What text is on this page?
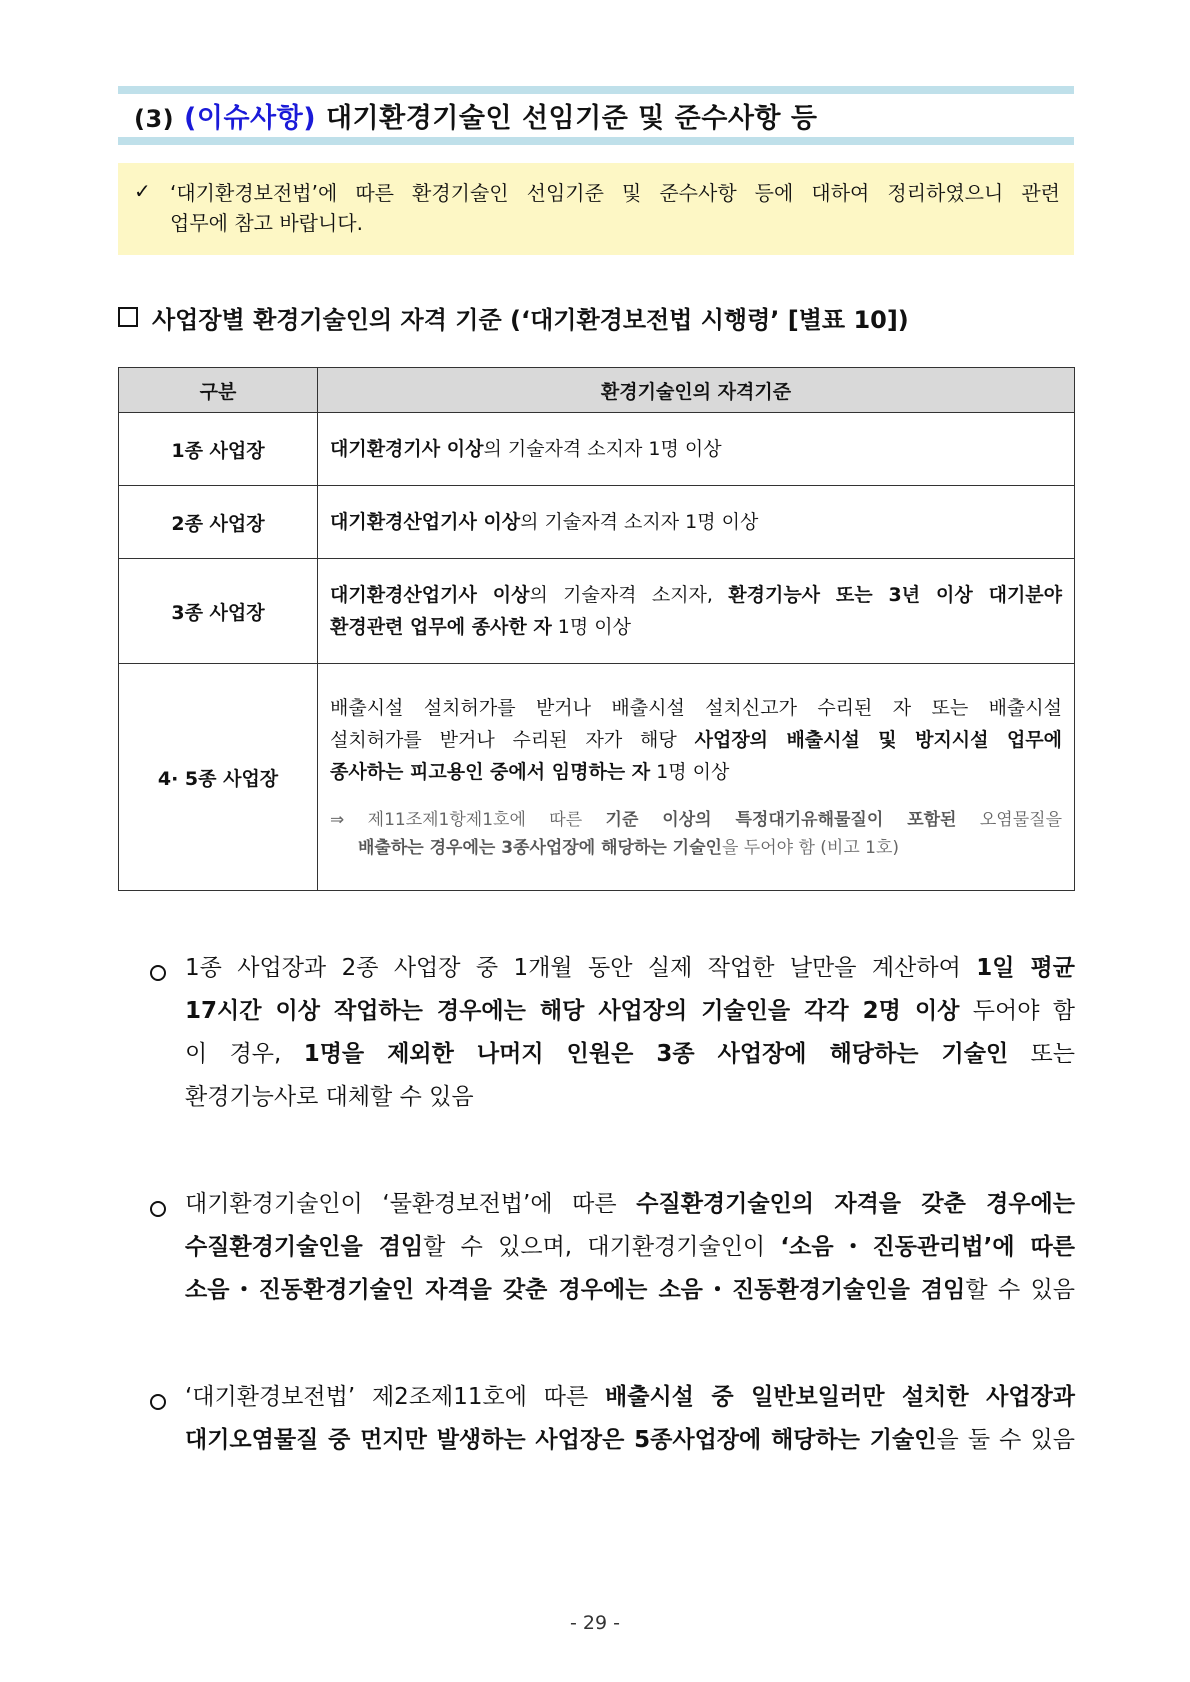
(3) (이슈사항) 대기환경기술인 선임기준 및 준수사항 등
✓ ‘대기환경보전법’에 따른 환경기술인 선임기준 및 준수사항 등에 대하여 정리하였으니 관련
업무에 참고 바랍니다.
사업장별 환경기술인의 자격 기준 (‘대기환경보전법 시행령’ [별표 10])
구분	환경기술인의 자격기준
1종 사업장	대기환경기사 이상의 기술자격 소지자 1명 이상
2종 사업장	대기환경산업기사 이상의 기술자격 소지자 1명 이상
3종 사업장	대기환경산업기사 이상의 기술자격 소지자, 환경기능사 또는 3년 이상 대기분야
환경관련 업무에 종사한 자 1명 이상
4· 5종 사업장	배출시설 설치허가를 받거나 배출시설 설치신고가 수리된 자 또는 배출시설
설치허가를 받거나 수리된 자가 해당 사업장의 배출시설 및 방지시설 업무에
종사하는 피고용인 중에서 임명하는 자 1명 이상
⇒ 제11조제1항제1호에 따른 기준 이상의 특정대기유해물질이 포함된 오염물질을
배출하는 경우에는 3종사업장에 해당하는 기술인을 두어야 함 (비고 1호)
1종 사업장과 2종 사업장 중 1개월 동안 실제 작업한 날만을 계산하여 1일 평균
17시간 이상 작업하는 경우에는 해당 사업장의 기술인을 각각 2명 이상 두어야 함
이 경우, 1명을 제외한 나머지 인원은 3종 사업장에 해당하는 기술인 또는
환경기능사로 대체할 수 있음
대기환경기술인이 ‘물환경보전법’에 따른 수질환경기술인의 자격을 갖춘 경우에는
수질환경기술인을 겸임할 수 있으며, 대기환경기술인이 ‘소음・진동관리법’에 따른
소음・진동환경기술인 자격을 갖춘 경우에는 소음・진동환경기술인을 겸임할 수 있음
‘대기환경보전법’ 제2조제11호에 따른 배출시설 중 일반보일러만 설치한 사업장과
대기오염물질 중 먼지만 발생하는 사업장은 5종사업장에 해당하는 기술인을 둘 수 있음
- 29 -
